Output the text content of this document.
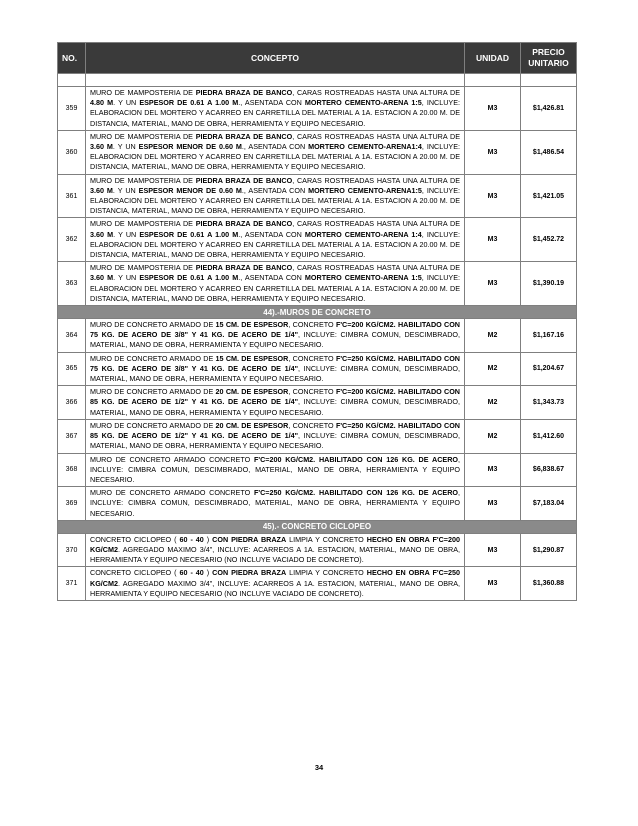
NO.	CONCEPTO	UNIDAD	PRECIO
UNITARIO

359	MURO DE MAMPOSTERIA DE PIEDRA BRAZA DE BANCO, CARAS ROSTREADAS HASTA UNA ALTURA DE 4.80 M. Y UN ESPESOR DE 0.61 A 1.00 M., ASENTADA CON MORTERO CEMENTO-ARENA 1:5, INCLUYE: ELABORACION DEL MORTERO Y ACARREO EN CARRETILLA DEL MATERIAL A 1A. ESTACION A 20.00 M. DE DISTANCIA, MATERIAL, MANO DE OBRA, HERRAMIENTA Y EQUIPO NECESARIO.	M3	$1,426.81
360	MURO DE MAMPOSTERIA DE PIEDRA BRAZA DE BANCO, CARAS ROSTREADAS HASTA UNA ALTURA DE 3.60 M. Y UN ESPESOR MENOR DE 0.60 M., ASENTADA CON MORTERO CEMENTO-ARENA1:4, INCLUYE: ELABORACION DEL MORTERO Y ACARREO EN CARRETILLA DEL MATERIAL A 1A. ESTACION A 20.00 M. DE DISTANCIA, MATERIAL, MANO DE OBRA, HERRAMIENTA Y EQUIPO NECESARIO.	M3	$1,486.54
361	MURO DE MAMPOSTERIA DE PIEDRA BRAZA DE BANCO, CARAS ROSTREADAS HASTA UNA ALTURA DE 3.60 M. Y UN ESPESOR MENOR DE 0.60 M., ASENTADA CON MORTERO CEMENTO-ARENA1:5, INCLUYE: ELABORACION DEL MORTERO Y ACARREO EN CARRETILLA DEL MATERIAL A 1A. ESTACION A 20.00 M. DE DISTANCIA, MATERIAL, MANO DE OBRA, HERRAMIENTA Y EQUIPO NECESARIO.	M3	$1,421.05
362	MURO DE MAMPOSTERIA DE PIEDRA BRAZA DE BANCO, CARAS ROSTREADAS HASTA UNA ALTURA DE 3.60 M. Y UN ESPESOR DE 0.61 A 1.00 M., ASENTADA CON MORTERO CEMENTO-ARENA 1:4, INCLUYE: ELABORACION DEL MORTERO Y ACARREO EN CARRETILLA DEL MATERIAL A 1A. ESTACION A 20.00 M. DE DISTANCIA, MATERIAL, MANO DE OBRA, HERRAMIENTA Y EQUIPO NECESARIO.	M3	$1,452.72
363	MURO DE MAMPOSTERIA DE PIEDRA BRAZA DE BANCO, CARAS ROSTREADAS HASTA UNA ALTURA DE 3.60 M. Y UN ESPESOR DE 0.61 A 1.00 M., ASENTADA CON MORTERO CEMENTO-ARENA 1:5, INCLUYE: ELABORACION DEL MORTERO Y ACARREO EN CARRETILLA DEL MATERIAL A 1A. ESTACION A 20.00 M. DE DISTANCIA, MATERIAL, MANO DE OBRA, HERRAMIENTA Y EQUIPO NECESARIO.	M3	$1,390.19
44).-MUROS DE CONCRETO			
364	MURO DE CONCRETO ARMADO DE 15 CM. DE ESPESOR, CONCRETO F'C=200 KG/CM2. HABILITADO CON 75 KG. DE ACERO DE 3/8" Y 41 KG. DE ACERO DE 1/4", INCLUYE: CIMBRA COMUN, DESCIMBRADO, MATERIAL, MANO DE OBRA, HERRAMIENTA Y EQUIPO NECESARIO.	M2	$1,167.16
365	MURO DE CONCRETO ARMADO DE 15 CM. DE ESPESOR, CONCRETO F'C=250 KG/CM2. HABILITADO CON 75 KG. DE ACERO DE 3/8" Y 41 KG. DE ACERO DE 1/4", INCLUYE: CIMBRA COMUN, DESCIMBRADO, MATERIAL, MANO DE OBRA, HERRAMIENTA Y EQUIPO NECESARIO.	M2	$1,204.67
366	MURO DE CONCRETO ARMADO DE 20 CM. DE ESPESOR, CONCRETO F'C=200 KG/CM2. HABILITADO CON 85 KG. DE ACERO DE 1/2" Y 41 KG. DE ACERO DE 1/4", INCLUYE: CIMBRA COMUN, DESCIMBRADO, MATERIAL, MANO DE OBRA, HERRAMIENTA Y EQUIPO NECESARIO.	M2	$1,343.73
367	MURO DE CONCRETO ARMADO DE 20 CM. DE ESPESOR, CONCRETO F'C=250 KG/CM2. HABILITADO CON 85 KG. DE ACERO DE 1/2" Y 41 KG. DE ACERO DE 1/4", INCLUYE: CIMBRA COMUN, DESCIMBRADO, MATERIAL, MANO DE OBRA, HERRAMIENTA Y EQUIPO NECESARIO.	M2	$1,412.60
368	MURO DE CONCRETO ARMADO CONCRETO F'C=200 KG/CM2. HABILITADO CON 126 KG. DE ACERO, INCLUYE: CIMBRA COMUN, DESCIMBRADO, MATERIAL, MANO DE OBRA, HERRAMIENTA Y EQUIPO NECESARIO.	M3	$6,838.67
369	MURO DE CONCRETO ARMADO CONCRETO F'C=250 KG/CM2. HABILITADO CON 126 KG. DE ACERO, INCLUYE: CIMBRA COMUN, DESCIMBRADO, MATERIAL, MANO DE OBRA, HERRAMIENTA Y EQUIPO NECESARIO.	M3	$7,183.04
45).- CONCRETO CICLOPEO			
370	CONCRETO CICLOPEO ( 60 - 40 ) CON PIEDRA BRAZA LIMPIA Y CONCRETO HECHO EN OBRA F'C=200 KG/CM2. AGREGADO MAXIMO 3/4", INCLUYE: ACARREOS A 1A. ESTACION, MATERIAL, MANO DE OBRA, HERRAMIENTA Y EQUIPO NECESARIO (NO INCLUYE VACIADO DE CONCRETO).	M3	$1,290.87
371	CONCRETO CICLOPEO ( 60 - 40 ) CON PIEDRA BRAZA LIMPIA Y CONCRETO HECHO EN OBRA F'C=250 KG/CM2. AGREGADO MAXIMO 3/4", INCLUYE: ACARREOS A 1A. ESTACION, MATERIAL, MANO DE OBRA, HERRAMIENTA Y EQUIPO NECESARIO (NO INCLUYE VACIADO DE CONCRETO).	M3	$1,360.88
34
